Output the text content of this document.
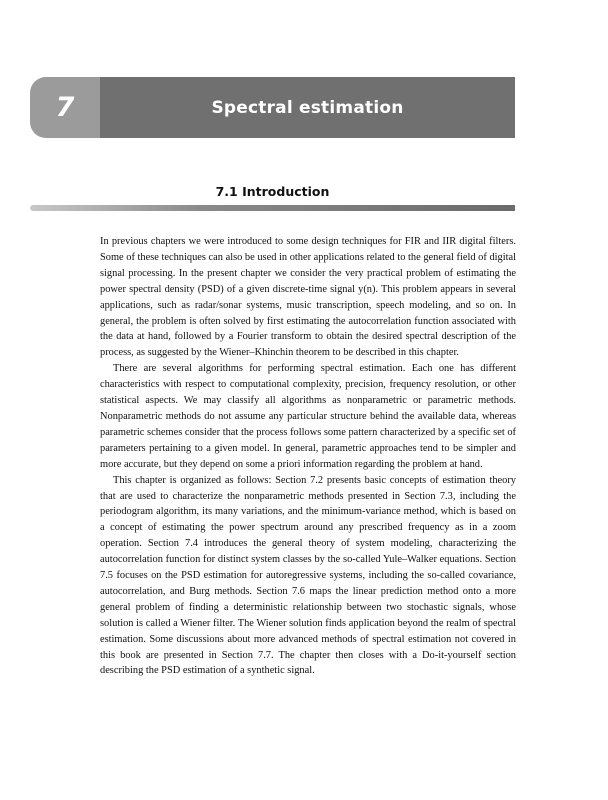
7	Spectral estimation
7.1 Introduction

In previous chapters we were introduced to some design techniques for FIR and IIR digital filters. Some of these techniques can also be used in other applications related to the general field of digital signal processing. In the present chapter we consider the very practical problem of estimating the power spectral density (PSD) of a given discrete-time signal y(n). This problem appears in several applications, such as radar/sonar systems, music transcription, speech modeling, and so on. In general, the problem is often solved by first estimating the autocorrelation function associated with the data at hand, followed by a Fourier transform to obtain the desired spectral description of the process, as suggested by the Wiener–Khinchin theorem to be described in this chapter.

There are several algorithms for performing spectral estimation. Each one has different characteristics with respect to computational complexity, precision, frequency resolution, or other statistical aspects. We may classify all algorithms as nonparametric or parametric methods. Nonparametric methods do not assume any particular structure behind the available data, whereas parametric schemes consider that the process follows some pattern characterized by a specific set of parameters pertaining to a given model. In general, parametric approaches tend to be simpler and more accurate, but they depend on some a priori information regarding the problem at hand.

This chapter is organized as follows: Section 7.2 presents basic concepts of estimation theory that are used to characterize the nonparametric methods presented in Section 7.3, including the periodogram algorithm, its many variations, and the minimum-variance method, which is based on a concept of estimating the power spectrum around any prescribed frequency as in a zoom operation. Section 7.4 introduces the general theory of system modeling, characterizing the autocorrelation function for distinct system classes by the so-called Yule–Walker equations. Section 7.5 focuses on the PSD estimation for autoregressive systems, including the so-called covariance, autocorrelation, and Burg methods. Section 7.6 maps the linear prediction method onto a more general problem of finding a deterministic relationship between two stochastic signals, whose solution is called a Wiener filter. The Wiener solution finds application beyond the realm of spectral estimation. Some discussions about more advanced methods of spectral estimation not covered in this book are presented in Section 7.7. The chapter then closes with a Do-it-yourself section describing the PSD estimation of a synthetic signal.
